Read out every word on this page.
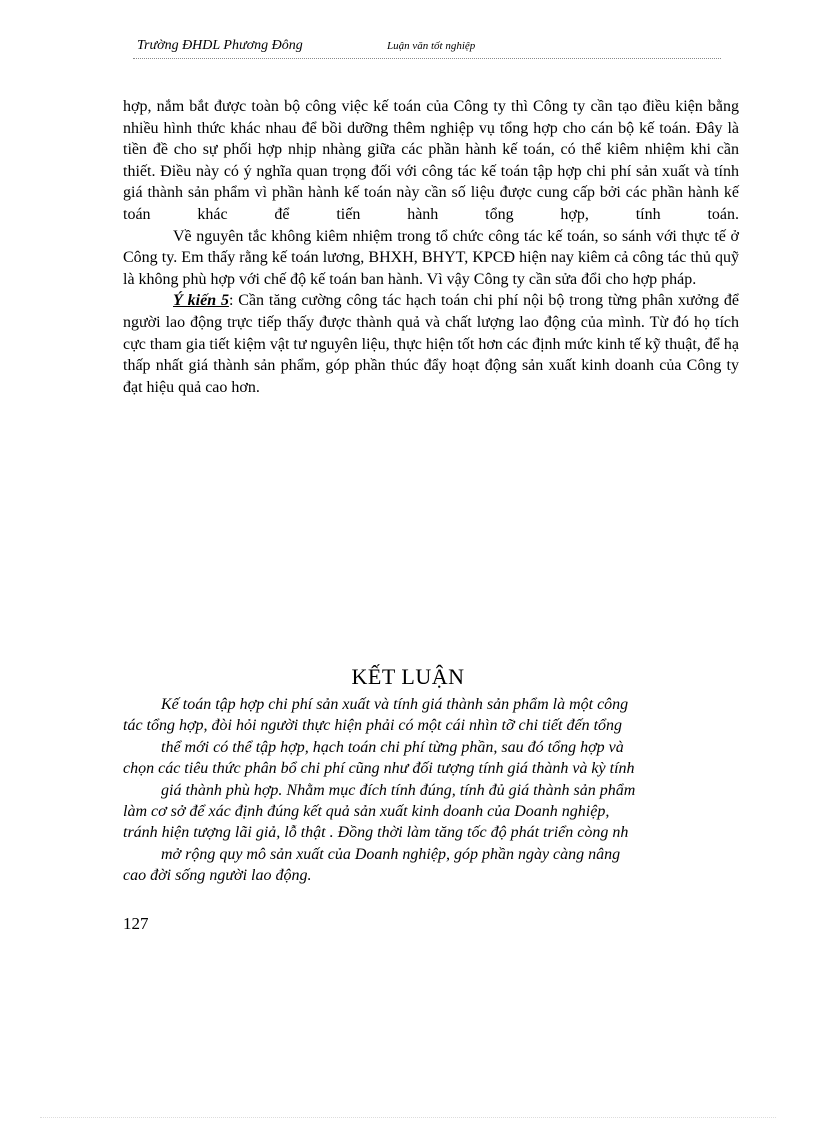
Trường ĐHDL Phương Đông	Luận văn tốt nghiệp

hợp, nắm bắt được toàn bộ công việc kế toán của Công ty thì Công ty cần tạo điều kiện bằng nhiều hình thức khác nhau để bồi dưỡng thêm nghiệp vụ tổng hợp cho cán bộ kế toán. Đây là tiền đề cho sự phối hợp nhịp nhàng giữa các phần hành kế toán, có thể kiêm nhiệm khi cần thiết. Điều này có ý nghĩa quan trọng đối với công tác kế toán tập hợp chi phí sản xuất và tính giá thành sản phẩm vì phần hành kế toán này cần số liệu được cung cấp bởi các phần hành kế toán khác để tiến hành tổng hợp, tính toán.

Về nguyên tắc không kiêm nhiệm trong tổ chức công tác kế toán, so sánh với thực tế ở Công ty. Em thấy rằng kế toán lương, BHXH, BHYT, KPCĐ hiện nay kiêm cả công tác thủ quỹ là không phù hợp với chế độ kế toán ban hành. Vì vậy Công ty cần sửa đổi cho hợp pháp.

Ý kiến 5: Cần tăng cường công tác hạch toán chi phí nội bộ trong từng phân xưởng để người lao động trực tiếp thấy được thành quả và chất lượng lao động của mình. Từ đó họ tích cực tham gia tiết kiệm vật tư nguyên liệu, thực hiện tốt hơn các định mức kinh tế kỹ thuật, để hạ thấp nhất giá thành sản phẩm, góp phần thúc đẩy hoạt động sản xuất kinh doanh của Công ty đạt hiệu quả cao hơn.

KẾT LUẬN
Kế toán tập hợp chi phí sản xuất và tính giá thành sản phẩm là một công
tác tổng hợp, đòi hỏi người thực hiện phải có một cái nhìn tỡ chi tiết đến tổng
thể mới có thể tập hợp, hạch toán chi phí từng phần, sau đó tổng hợp và
chọn các tiêu thức phân bổ chi phí cũng như đối tượng tính giá thành và kỳ tính
giá thành phù hợp. Nhằm mục đích tính đúng, tính đủ giá thành sản phẩm
làm cơ sở để xác định đúng kết quả sản xuất kinh doanh của Doanh nghiệp,
tránh hiện tượng lãi giả, lỗ thật . Đồng thời làm tăng tốc độ phát triển còng nh
mở rộng quy mô sản xuất của Doanh nghiệp, góp phần ngày càng nâng
cao đời sống người lao động.
127
